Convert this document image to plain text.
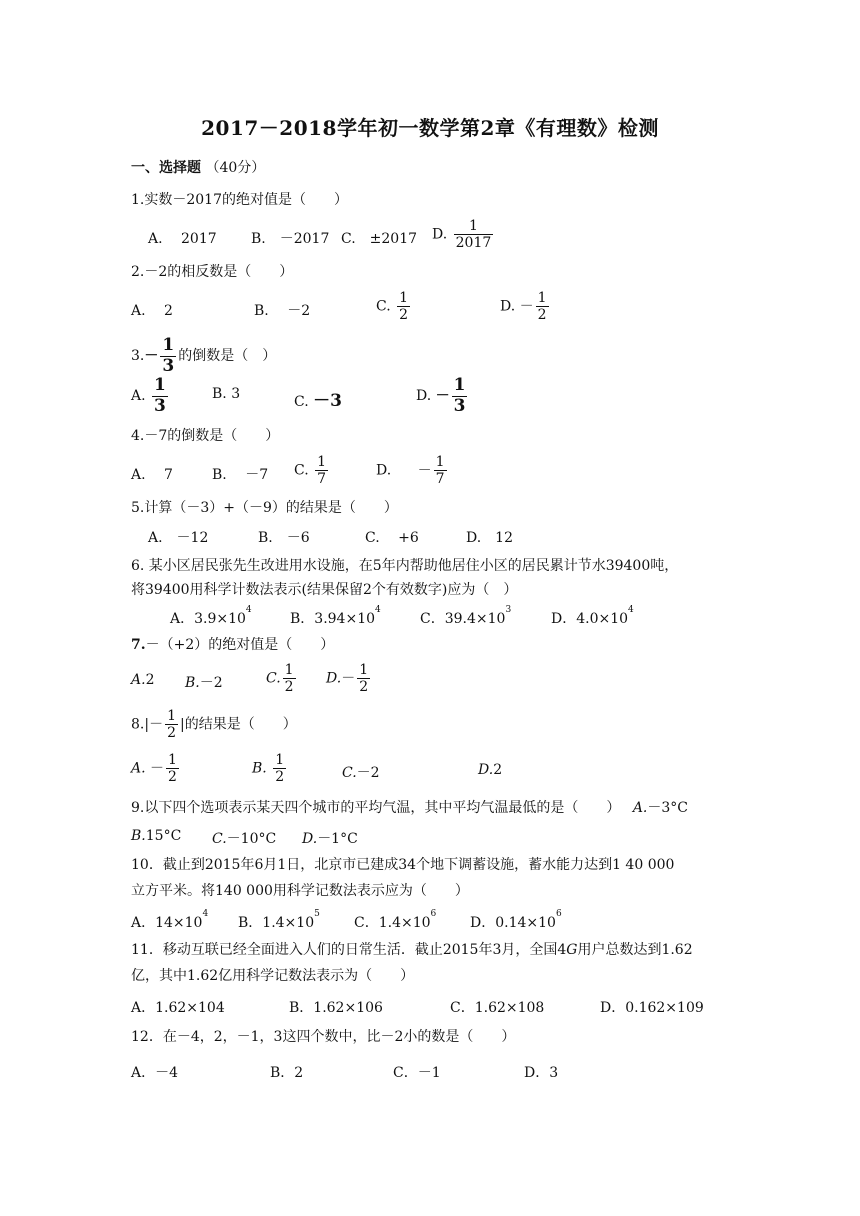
2017－2018学年初一数学第2章《有理数》检测
一、选择题 （40分）
1.实数－2017的绝对值是（　　）
A.　 2017 B.　－2017 C.　±2017 D. $\frac{1}{2017}$
2.－2的相反数是（　　）
A.　 2	B.　 －2	C. $\frac{1}{2}$	D. － $\frac{1}{2}$
$3.- \frac{1}{3}$ 的倒数是（　）
A. $\frac{1}{3}$	B. 3	C. －3	D. － $\frac{1}{3}$
4.－7的倒数是（　　）
A.　 7	B.　 －7 C. $\frac{1}{7}$	D. － $\frac{1}{7}$
5.计算（－3）+（－9）的结果是（　　）
A.　－12	B.　－6	C.　 +6	D.　12
6. 某小区居民张先生改进用水设施，在5年内帮助他居住小区的居民累计节水39400吨，
将39400用科学计数法表示(结果保留2个有效数字)应为（　）
A．$3.9\times 10^4$
B．$3.94\times 10^4$
C．$39.4\times 10^3$
D．$4.0\times 10^4$
7.－（+2）的绝对值是（　　）
A.2 B.－2	C. $\frac{1}{2} D.- \frac{1}{2}$
$8.|- \frac{1}{2}$ |的结果是（　　）
A. － $\frac{1}{2}$	B. $\frac{1}{2}$	C.－2	D.2
9.以下四个选项表示某天四个城市的平均气温，其中平均气温最低的是（　　） A.－3°C
B.15°C C.－10°C D.－1°C
10．截止到2015年6月1日，北京市已建成34个地下调蓄设施，蓄水能力达到1 40 000
立方平米。将140 000用科学记数法表示应为（　　）
A．$14\times 10^4$
B．$1.4\times 10^5$
C．$1.4\times 10^6$
D．$0.14\times 10^6$
11．移动互联已经全面进入人们的日常生活．截止2015年3月，全国4G用户总数达到1.62
亿，其中1.62亿用科学记数法表示为（　　）
A．1.62×104	B．1.62×106	C．1.62×108	D．0.162×109
12．在－4，2，－1，3这四个数中，比－2小的数是（　　）
A．－4	B．2	C．－1	D．3
